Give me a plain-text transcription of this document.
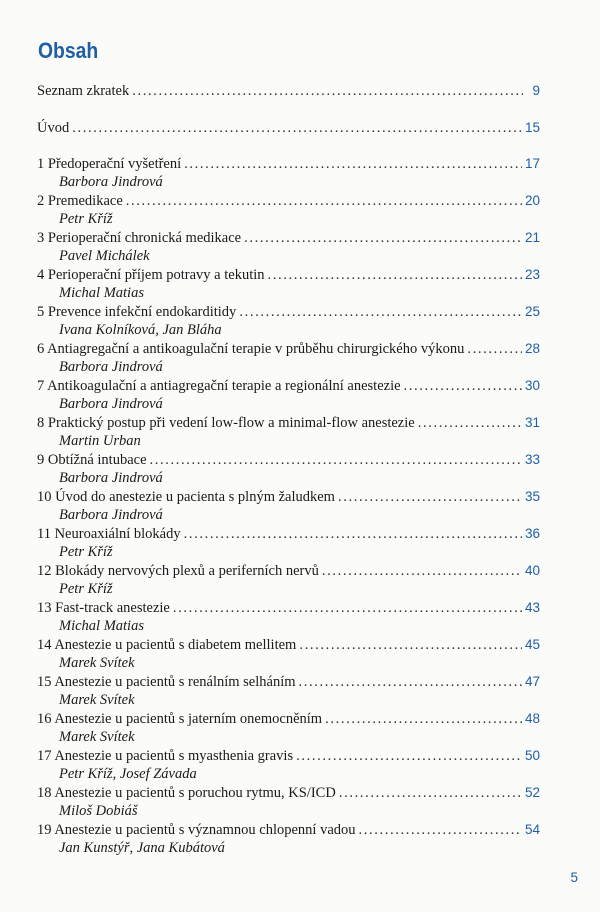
Obsah
Seznam zkratek . . .	9
Úvod . . .	15
1 Předoperační vyšetření . . .	17
Barbora Jindrová
2 Premedikace . . .	20
Petr Kříž
3 Perioperační chronická medikace . . .	21
Pavel Michálek
4 Perioperační příjem potravy a tekutin . . .	23
Michal Matias
5 Prevence infekční endokarditidy . . .	25
Ivana Kolníková, Jan Bláha
6 Antiagregační a antikoagulační terapie v průběhu chirurgického výkonu . . .	28
Barbora Jindrová
7 Antikoagulační a antiagregační terapie a regionální anestezie . . .	30
Barbora Jindrová
8 Praktický postup při vedení low-flow a minimal-flow anestezie . . .	31
Martin Urban
9 Obtížná intubace . . .	33
Barbora Jindrová
10 Úvod do anestezie u pacienta s plným žaludkem . . .	35
Barbora Jindrová
11 Neuroaxiální blokády . . .	36
Petr Kříž
12 Blokády nervových plexů a periferních nervů . . .	40
Petr Kříž
13 Fast-track anestezie . . .	43
Michal Matias
14 Anestezie u pacientů s diabetem mellitem . . .	45
Marek Svítek
15 Anestezie u pacientů s renálním selháním . . .	47
Marek Svítek
16 Anestezie u pacientů s jaterním onemocněním . . .	48
Marek Svítek
17 Anestezie u pacientů s myasthenia gravis . . .	50
Petr Kříž, Josef Závada
18 Anestezie u pacientů s poruchou rytmu, KS/ICD . . .	52
Miloš Dobiáš
19 Anestezie u pacientů s významnou chlopenní vadou . . .	54
Jan Kunstýř, Jana Kubátová
5
